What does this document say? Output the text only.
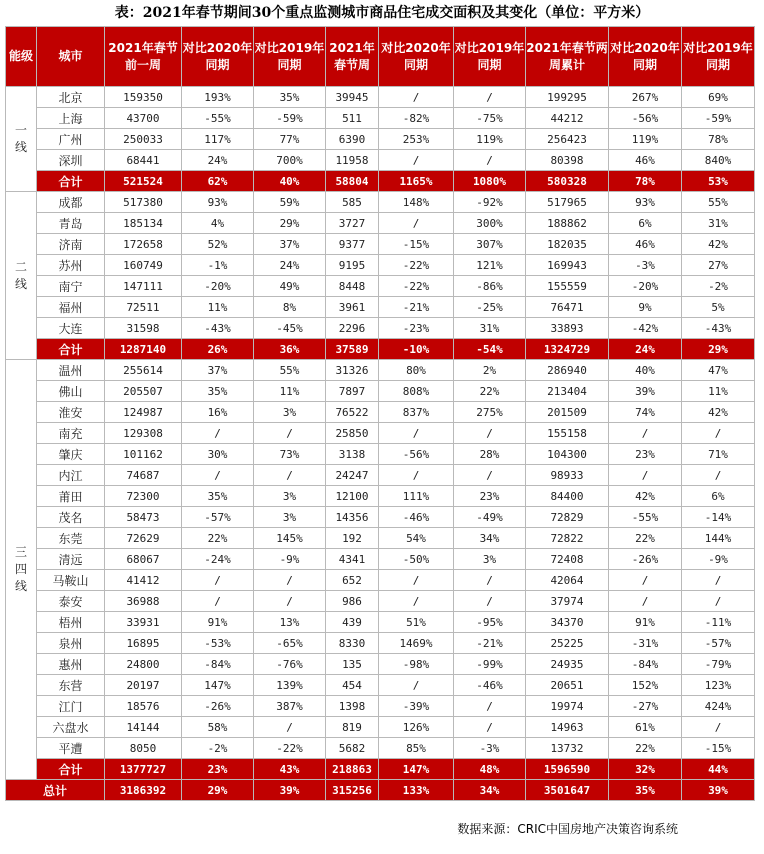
表：2021年春节期间30个重点监测城市商品住宅成交面积及其变化（单位：平方米）
能级	城市	2021年春节前一周	对比2020年同期	对比2019年同期	2021年春节周	对比2020年同期	对比2019年同期	2021年春节两周累计	对比2020年同期	对比2019年同期
一
线	北京	159350	193%	35%	39945	/	/	199295	267%	69%
	上海	43700	-55%	-59%	511	-82%	-75%	44212	-56%	-59%
	广州	250033	117%	77%	6390	253%	119%	256423	119%	78%
	深圳	68441	24%	700%	11958	/	/	80398	46%	840%
	合计	521524	62%	40%	58804	1165%	1080%	580328	78%	53%
二
线	成都	517380	93%	59%	585	148%	-92%	517965	93%	55%
	青岛	185134	4%	29%	3727	/	300%	188862	6%	31%
	济南	172658	52%	37%	9377	-15%	307%	182035	46%	42%
	苏州	160749	-1%	24%	9195	-22%	121%	169943	-3%	27%
	南宁	147111	-20%	49%	8448	-22%	-86%	155559	-20%	-2%
	福州	72511	11%	8%	3961	-21%	-25%	76471	9%	5%
	大连	31598	-43%	-45%	2296	-23%	31%	33893	-42%	-43%
	合计	1287140	26%	36%	37589	-10%	-54%	1324729	24%	29%
三
四
线	温州	255614	37%	55%	31326	80%	2%	286940	40%	47%
	佛山	205507	35%	11%	7897	808%	22%	213404	39%	11%
	淮安	124987	16%	3%	76522	837%	275%	201509	74%	42%
	南充	129308	/	/	25850	/	/	155158	/	/
	肇庆	101162	30%	73%	3138	-56%	28%	104300	23%	71%
	内江	74687	/	/	24247	/	/	98933	/	/
	莆田	72300	35%	3%	12100	111%	23%	84400	42%	6%
	茂名	58473	-57%	3%	14356	-46%	-49%	72829	-55%	-14%
	东莞	72629	22%	145%	192	54%	34%	72822	22%	144%
	清远	68067	-24%	-9%	4341	-50%	3%	72408	-26%	-9%
	马鞍山	41412	/	/	652	/	/	42064	/	/
	泰安	36988	/	/	986	/	/	37974	/	/
	梧州	33931	91%	13%	439	51%	-95%	34370	91%	-11%
	泉州	16895	-53%	-65%	8330	1469%	-21%	25225	-31%	-57%
	惠州	24800	-84%	-76%	135	-98%	-99%	24935	-84%	-79%
	东营	20197	147%	139%	454	/	-46%	20651	152%	123%
	江门	18576	-26%	387%	1398	-39%	/	19974	-27%	424%
	六盘水	14144	58%	/	819	126%	/	14963	61%	/
	平遭	8050	-2%	-22%	5682	85%	-3%	13732	22%	-15%
	合计	1377727	23%	43%	218863	147%	48%	1596590	32%	44%
总计		3186392	29%	39%	315256	133%	34%	3501647	35%	39%
数据来源：CRIC中国房地产决策咨询系统
